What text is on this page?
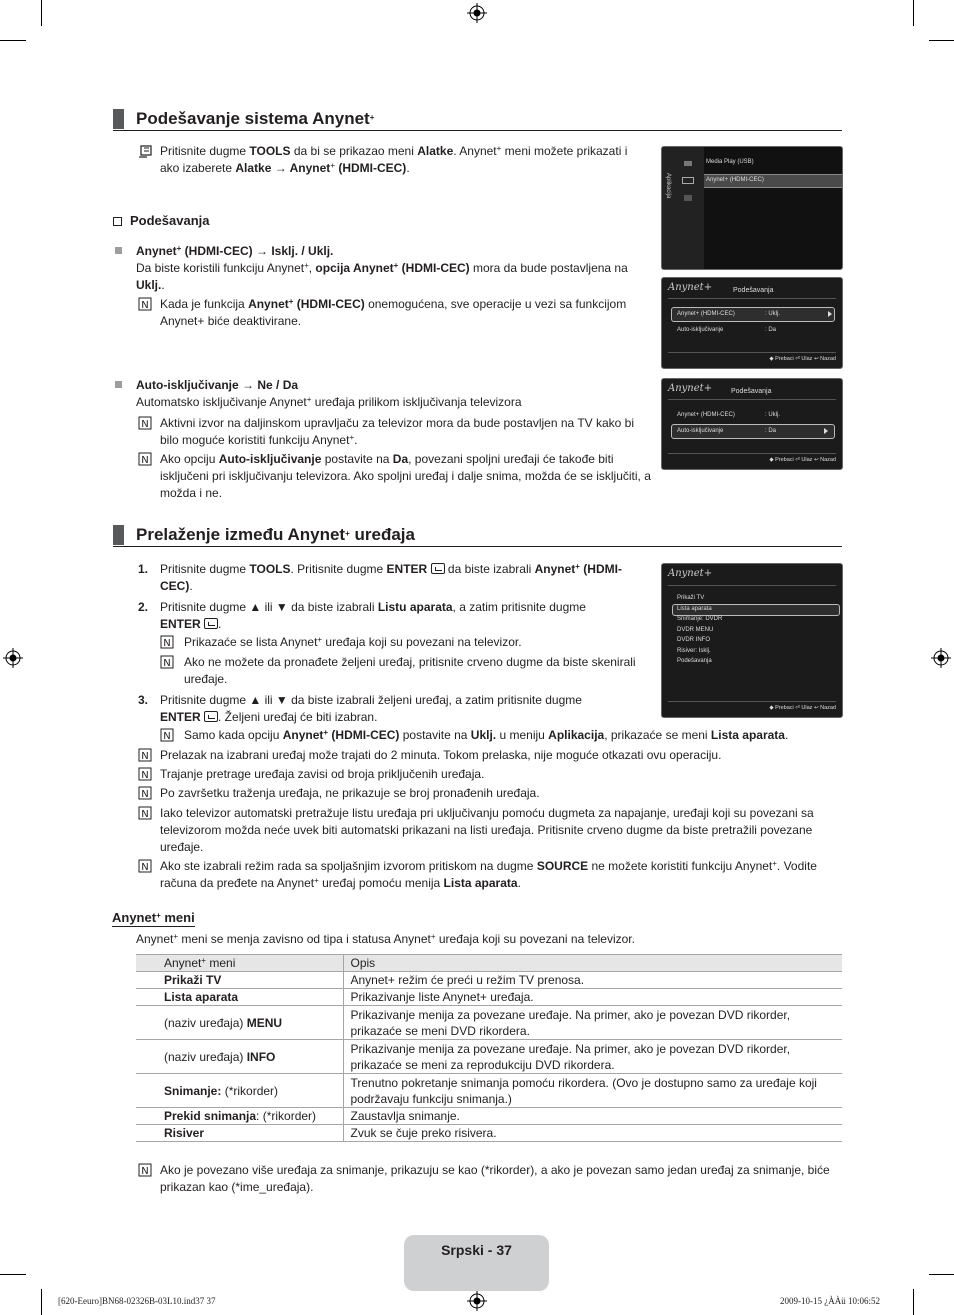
Podešavanje sistema Anynet+
Pritisnite dugme TOOLS da bi se prikazao meni Alatke. Anynet+ meni možete prikazati i ako izaberete Alatke → Anynet+ (HDMI-CEC).
Podešavanja
Anynet+ (HDMI-CEC) → Isklj. / Uklj.
Da biste koristili funkciju Anynet+, opcija Anynet+ (HDMI-CEC) mora da bude postavljena na Uklj..
N Kada je funkcija Anynet+ (HDMI-CEC) onemogućena, sve operacije u vezi sa funkcijom Anynet+ biće deaktivirane.
Auto-isključivanje → Ne / Da
Automatsko isključivanje Anynet+ uređaja prilikom isključivanja televizora
N Aktivni izvor na daljinskom upravljaču za televizor mora da bude postavljen na TV kako bi bilo moguće koristiti funkciju Anynet+.
N Ako opciju Auto-isključivanje postavite na Da, povezani spoljni uređaji će takođe biti isključeni pri isključivanju televizora. Ako spoljni uređaj i dalje snima, možda će se isključiti, a možda i ne.
Aplikacija
Media Play (USB)
Anynet+ (HDMI-CEC)
Anynet+	Podešavanja
Anynet+ (HDMI-CEC)	: Uklj.
Auto-isključivanje	: Da
◆ Prebaci ⏎ Ulaz ↩ Nazad
Anynet+	Podešavanja
Anynet+ (HDMI-CEC)	: Uklj.
Auto-isključivanje	: Da
◆ Prebaci ⏎ Ulaz ↩ Nazad
Prelaženje između Anynet+ uređaja
1. Pritisnite dugme TOOLS. Pritisnite dugme ENTER  da biste izabrali Anynet+ (HDMI-CEC).
2. Pritisnite dugme ▲ ili ▼ da biste izabrali Listu aparata, a zatim pritisnite dugme
ENTER .
N Prikazaće se lista Anynet+ uređaja koji su povezani na televizor.
N Ako ne možete da pronađete željeni uređaj, pritisnite crveno dugme da biste skenirali uređaje.
3. Pritisnite dugme ▲ ili ▼ da biste izabrali željeni uređaj, a zatim pritisnite dugme
ENTER . Željeni uređaj će biti izabran.
N Samo kada opciju Anynet+ (HDMI-CEC) postavite na Uklj. u meniju Aplikacija, prikazaće se meni Lista aparata.
N Prelazak na izabrani uređaj može trajati do 2 minuta. Tokom prelaska, nije moguće otkazati ovu operaciju.
N Trajanje pretrage uređaja zavisi od broja priključenih uređaja.
N Po završetku traženja uređaja, ne prikazuje se broj pronađenih uređaja.
N Iako televizor automatski pretražuje listu uređaja pri uključivanju pomoću dugmeta za napajanje, uređaji koji su povezani sa televizorom možda neće uvek biti automatski prikazani na listi uređaja. Pritisnite crveno dugme da biste pretražili povezane uređaje.
N Ako ste izabrali režim rada sa spoljašnjim izvorom pritiskom na dugme SOURCE ne možete koristiti funkciju Anynet+. Vodite računa da pređete na Anynet+ uređaj pomoću menija Lista aparata.
Anynet+
Prikaži TV
Lista aparata
Snimanje: DVDR
DVDR MENU
DVDR INFO
Risiver: Isklj.
Podešavanja
◆ Prebaci ⏎ Ulaz ↩ Nazad
Anynet+ meni
Anynet+ meni se menja zavisno od tipa i statusa Anynet+ uređaja koji su povezani na televizor.
Anynet+ meni	Opis
Prikaži TV	Anynet+ režim će preći u režim TV prenosa.
Lista aparata	Prikazivanje liste Anynet+ uređaja.
(naziv uređaja) MENU	Prikazivanje menija za povezane uređaje. Na primer, ako je povezan DVD rikorder, prikazaće se meni DVD rikordera.
(naziv uređaja) INFO	Prikazivanje menija za povezane uređaje. Na primer, ako je povezan DVD rikorder, prikazaće se meni za reprodukciju DVD rikordera.
Snimanje: (*rikorder)	Trenutno pokretanje snimanja pomoću rikordera. (Ovo je dostupno samo za uređaje koji podržavaju funkciju snimanja.)
Prekid snimanja: (*rikorder)	Zaustavlja snimanje.
Risiver	Zvuk se čuje preko risivera.
N Ako je povezano više uređaja za snimanje, prikazuju se kao (*rikorder), a ako je povezan samo jedan uređaj za snimanje, biće prikazan kao (*ime_uređaja).
Srpski - 37
[620-Eeuro]BN68-02326B-03L10.ind37 37	2009-10-15 ¿ÀÀü 10:06:52
